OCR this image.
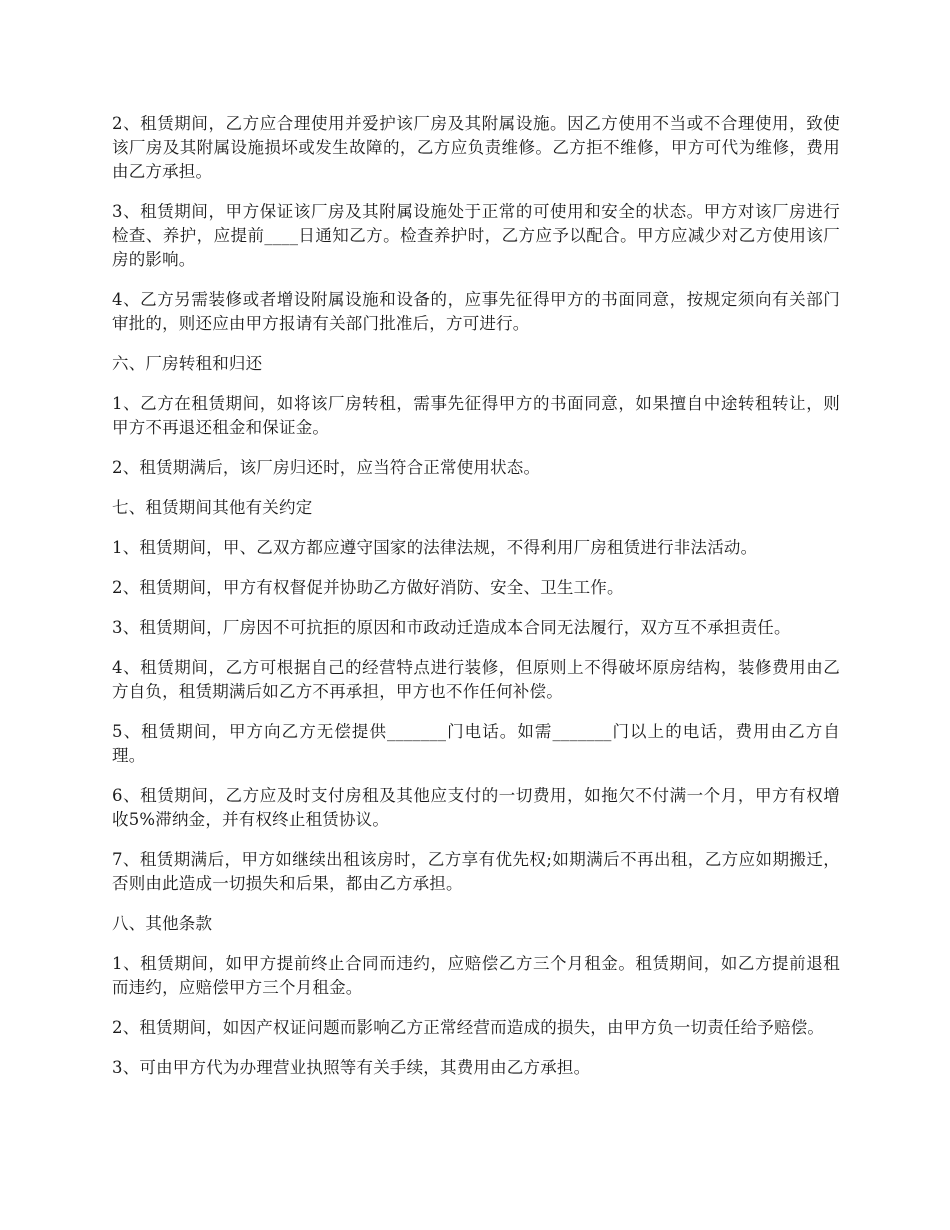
2、租赁期间，乙方应合理使用并爱护该厂房及其附属设施。因乙方使用不当或不合理使用，致使该厂房及其附属设施损坏或发生故障的，乙方应负责维修。乙方拒不维修，甲方可代为维修，费用由乙方承担。

3、租赁期间，甲方保证该厂房及其附属设施处于正常的可使用和安全的状态。甲方对该厂房进行检查、养护，应提前____日通知乙方。检查养护时，乙方应予以配合。甲方应减少对乙方使用该厂房的影响。

4、乙方另需装修或者增设附属设施和设备的，应事先征得甲方的书面同意，按规定须向有关部门审批的，则还应由甲方报请有关部门批准后，方可进行。

六、厂房转租和归还

1、乙方在租赁期间，如将该厂房转租，需事先征得甲方的书面同意，如果擅自中途转租转让，则甲方不再退还租金和保证金。

2、租赁期满后，该厂房归还时，应当符合正常使用状态。

七、租赁期间其他有关约定

1、租赁期间，甲、乙双方都应遵守国家的法律法规，不得利用厂房租赁进行非法活动。

2、租赁期间，甲方有权督促并协助乙方做好消防、安全、卫生工作。

3、租赁期间，厂房因不可抗拒的原因和市政动迁造成本合同无法履行，双方互不承担责任。

4、租赁期间，乙方可根据自己的经营特点进行装修，但原则上不得破坏原房结构，装修费用由乙方自负，租赁期满后如乙方不再承担，甲方也不作任何补偿。

5、租赁期间，甲方向乙方无偿提供_______门电话。如需_______门以上的电话，费用由乙方自理。

6、租赁期间，乙方应及时支付房租及其他应支付的一切费用，如拖欠不付满一个月，甲方有权增收5%滞纳金，并有权终止租赁协议。

7、租赁期满后，甲方如继续出租该房时，乙方享有优先权;如期满后不再出租，乙方应如期搬迁，否则由此造成一切损失和后果，都由乙方承担。

八、其他条款

1、租赁期间，如甲方提前终止合同而违约，应赔偿乙方三个月租金。租赁期间，如乙方提前退租而违约，应赔偿甲方三个月租金。

2、租赁期间，如因产权证问题而影响乙方正常经营而造成的损失，由甲方负一切责任给予赔偿。

3、可由甲方代为办理营业执照等有关手续，其费用由乙方承担。
